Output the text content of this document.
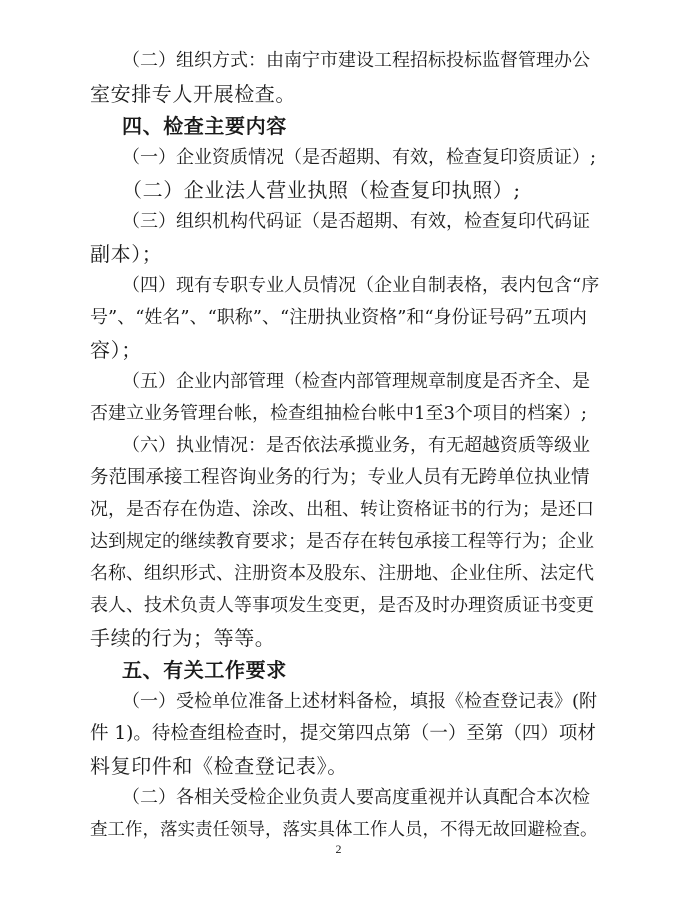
（二）组织方式：由南宁市建设工程招标投标监督管理办公
室安排专人开展检查。
四、检查主要内容
（一）企业资质情况（是否超期、有效，检查复印资质证）;
（二）企业法人营业执照（检查复印执照）;
（三）组织机构代码证（是否超期、有效，检查复印代码证
副本）；
（四）现有专职专业人员情况（企业自制表格，表内包含“序
号”、“姓名”、“职称”、“注册执业资格”和“身份证号码”五项内
容）；
（五）企业内部管理（检查内部管理规章制度是否齐全、是
否建立业务管理台帐，检查组抽检台帐中1至3个项目的档案）;
（六）执业情况：是否依法承揽业务，有无超越资质等级业
务范围承接工程咨询业务的行为；专业人员有无跨单位执业情
况，是否存在伪造、涂改、出租、转让资格证书的行为；是还口
达到规定的继续教育要求；是否存在转包承接工程等行为；企业
名称、组织形式、注册资本及股东、注册地、企业住所、法定代
表人、技术负责人等事项发生变更，是否及时办理资质证书变更
手续的行为；等等。
五、有关工作要求
（一）受检单位准备上述材料备检，填报《检查登记表》(附
件 1)。待检查组检查时，提交第四点第（一）至第（四）项材
料复印件和《检查登记表》。
（二）各相关受检企业负责人要高度重视并认真配合本次检
查工作，落实责任领导，落实具体工作人员，不得无故回避检查。
2
